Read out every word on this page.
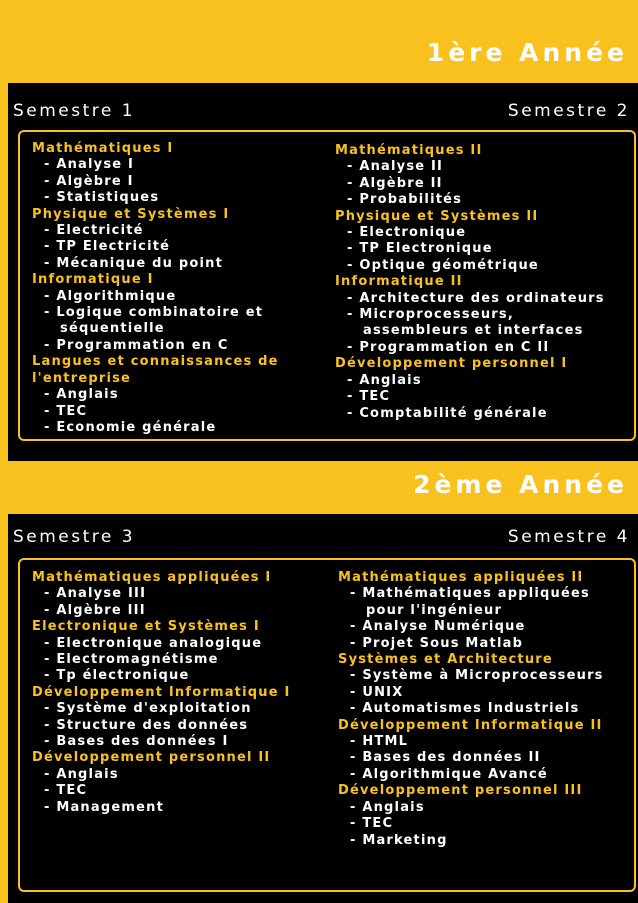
1ère Année
Semestre 1	Semestre 2
Mathématiques I
- Analyse I
- Algèbre I
- Statistiques
Physique et Systèmes I
- Electricité
- TP Electricité
- Mécanique du point
Informatique I
- Algorithmique
- Logique combinatoire et
séquentielle
- Programmation en C
Langues et connaissances de
l'entreprise
- Anglais
- TEC
- Economie générale
Mathématiques II
- Analyse II
- Algèbre II
- Probabilités
Physique et Systèmes II
- Electronique
- TP Electronique
- Optique géométrique
Informatique II
- Architecture des ordinateurs
- Microprocesseurs,
assembleurs et interfaces
- Programmation en C II
Développement personnel I
- Anglais
- TEC
- Comptabilité générale
2ème Année
Semestre 3	Semestre 4
Mathématiques appliquées I
- Analyse III
- Algèbre III
Electronique et Systèmes I
- Electronique analogique
- Electromagnétisme
- Tp électronique
Développement Informatique I
- Système d'exploitation
- Structure des données
- Bases des données I
Développement personnel II
- Anglais
- TEC
- Management
Mathématiques appliquées II
- Mathématiques appliquées
pour l'ingénieur
- Analyse Numérique
- Projet Sous Matlab
Systèmes et Architecture
- Système à Microprocesseurs
- UNIX
- Automatismes Industriels
Développement Informatique II
- HTML
- Bases des données II
- Algorithmique Avancé
Développement personnel III
- Anglais
- TEC
- Marketing
